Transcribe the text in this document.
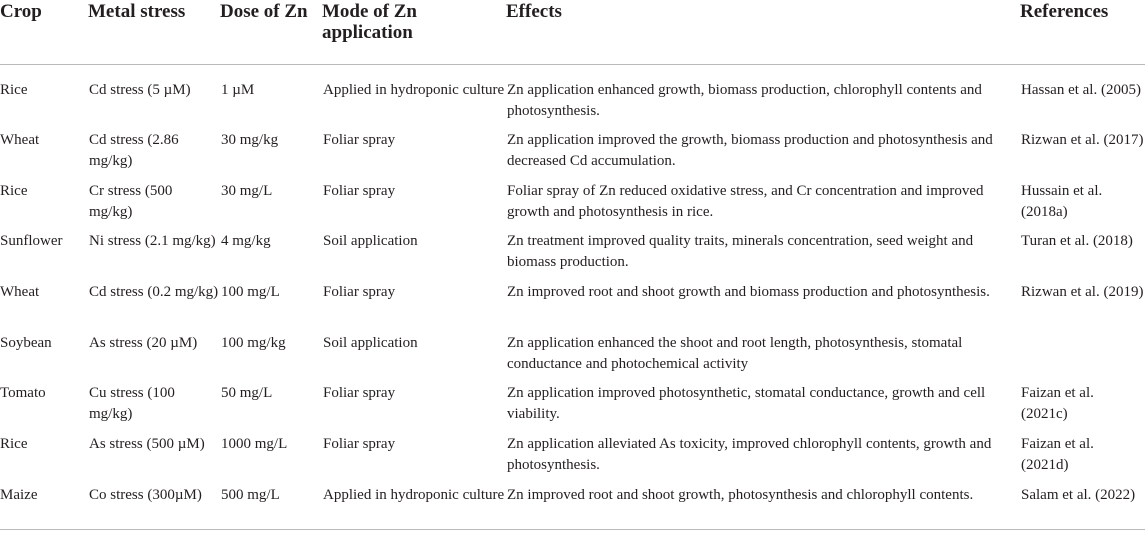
Crop	Metal stress	Dose of Zn	Mode of Zn application	Effects	References
Rice	Cd stress (5 µM)	1 µM	Applied in hydroponic culture	Zn application enhanced growth, biomass production, chlorophyll contents and photosynthesis.	Hassan et al. (2005)
Wheat	Cd stress (2.86 mg/kg)	30 mg/kg	Foliar spray	Zn application improved the growth, biomass production and photosynthesis and decreased Cd accumulation.	Rizwan et al. (2017)
Rice	Cr stress (500 mg/kg)	30 mg/L	Foliar spray	Foliar spray of Zn reduced oxidative stress, and Cr concentration and improved growth and photosynthesis in rice.	Hussain et al. (2018a)
Sunflower	Ni stress (2.1 mg/kg)	4 mg/kg	Soil application	Zn treatment improved quality traits, minerals concentration, seed weight and biomass production.	Turan et al. (2018)
Wheat	Cd stress (0.2 mg/kg)	100 mg/L	Foliar spray	Zn improved root and shoot growth and biomass production and photosynthesis.	Rizwan et al. (2019)
Soybean	As stress (20 µM)	100 mg/kg	Soil application	Zn application enhanced the shoot and root length, photosynthesis, stomatal conductance and photochemical activity	
Tomato	Cu stress (100 mg/kg)	50 mg/L	Foliar spray	Zn application improved photosynthetic, stomatal conductance, growth and cell viability.	Faizan et al. (2021c)
Rice	As stress (500 µM)	1000 mg/L	Foliar spray	Zn application alleviated As toxicity, improved chlorophyll contents, growth and photosynthesis.	Faizan et al. (2021d)
Maize	Co stress (300µM)	500 mg/L	Applied in hydroponic culture	Zn improved root and shoot growth, photosynthesis and chlorophyll contents.	Salam et al. (2022)
